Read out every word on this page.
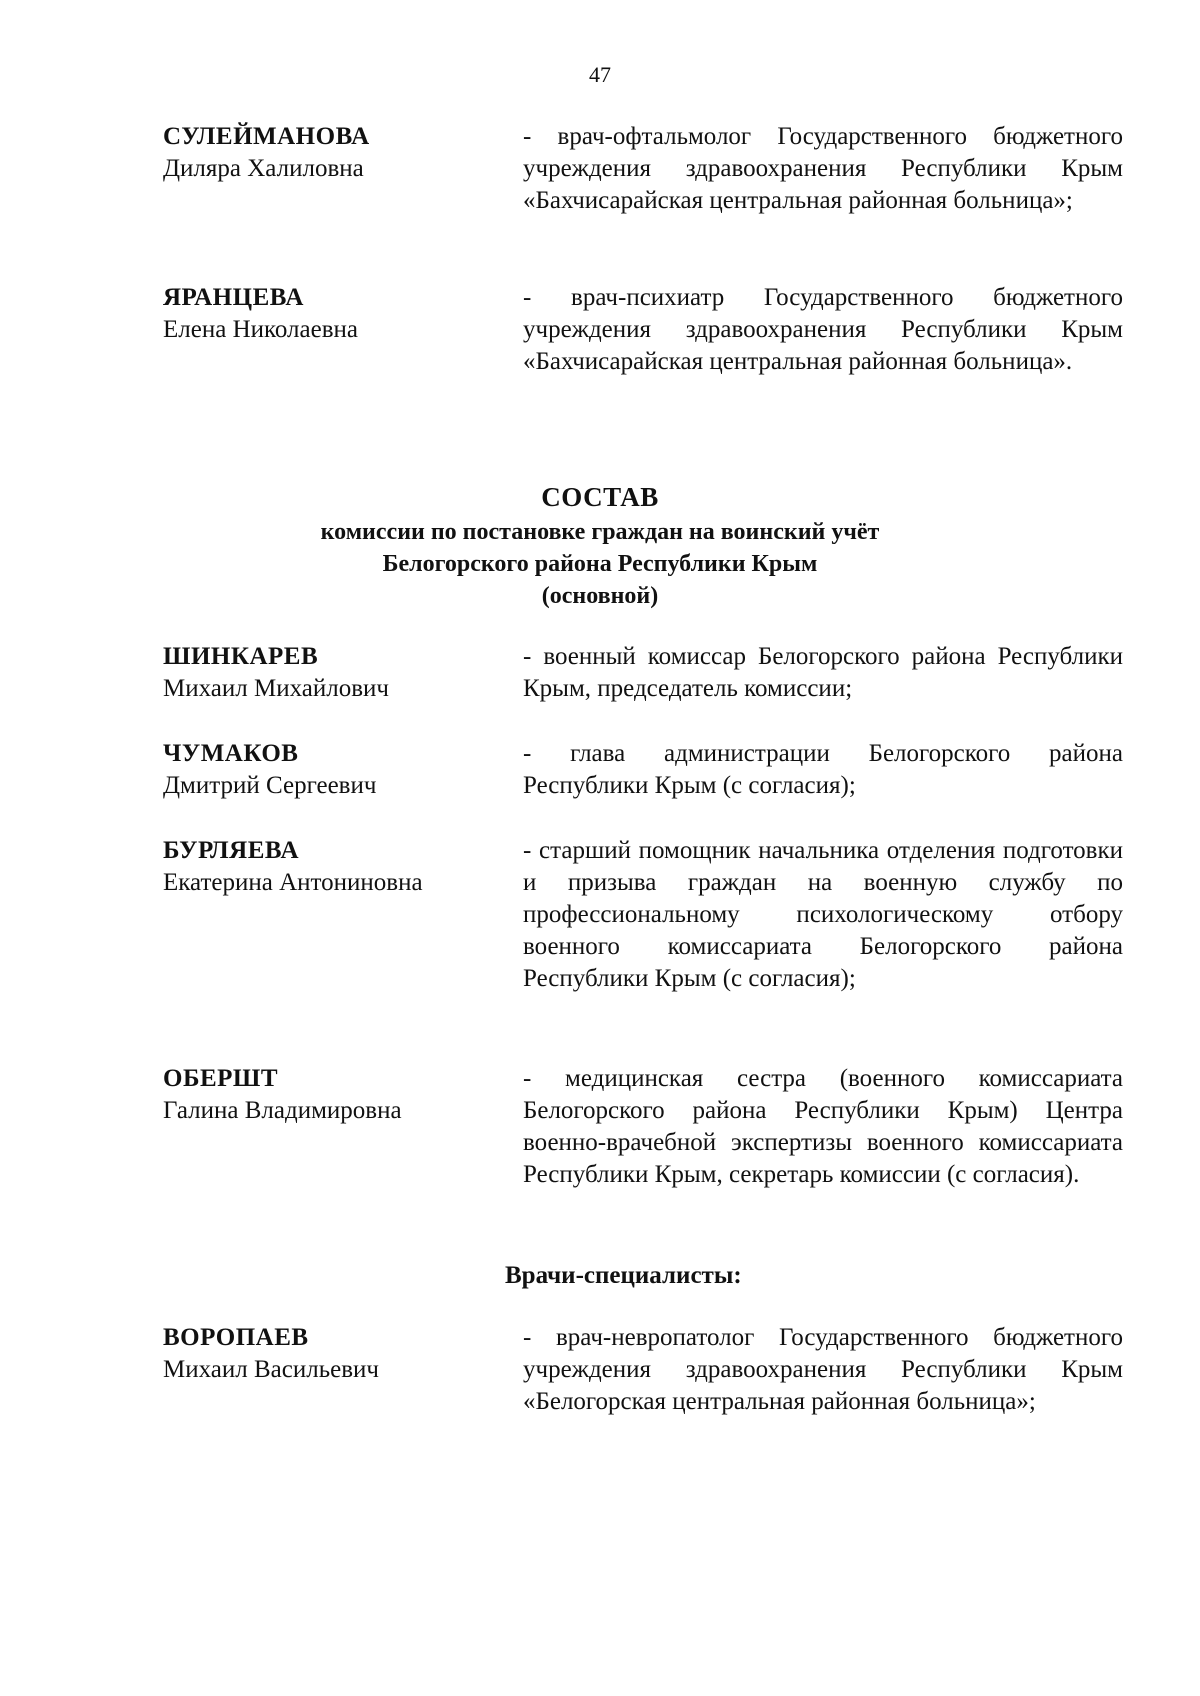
47
СУЛЕЙМАНОВА
Диляра Халиловна
- врач-офтальмолог Государственного бюджетного учреждения здравоохранения Республики Крым «Бахчисарайская центральная районная больница»;
ЯРАНЦЕВА
Елена Николаевна
- врач-психиатр Государственного бюджетного учреждения здравоохранения Республики Крым «Бахчисарайская центральная районная больница».
СОСТАВ
комиссии по постановке граждан на воинский учёт
Белогорского района Республики Крым
(основной)
ШИНКАРЕВ
Михаил Михайлович
- военный комиссар Белогорского района Республики Крым, председатель комиссии;
ЧУМАКОВ
Дмитрий Сергеевич
- глава администрации Белогорского района Республики Крым (с согласия);
БУРЛЯЕВА
Екатерина Антониновна
- старший помощник начальника отделения подготовки и призыва граждан на военную службу по профессиональному психологическому отбору военного комиссариата Белогорского района Республики Крым (с согласия);
ОБЕРШТ
Галина Владимировна
- медицинская сестра (военного комиссариата Белогорского района Республики Крым) Центра военно-врачебной экспертизы военного комиссариата Республики Крым, секретарь комиссии (с согласия).
Врачи-специалисты:
ВОРОПАЕВ
Михаил Васильевич
- врач-невропатолог Государственного бюджетного учреждения здравоохранения Республики Крым «Белогорская центральная районная больница»;
